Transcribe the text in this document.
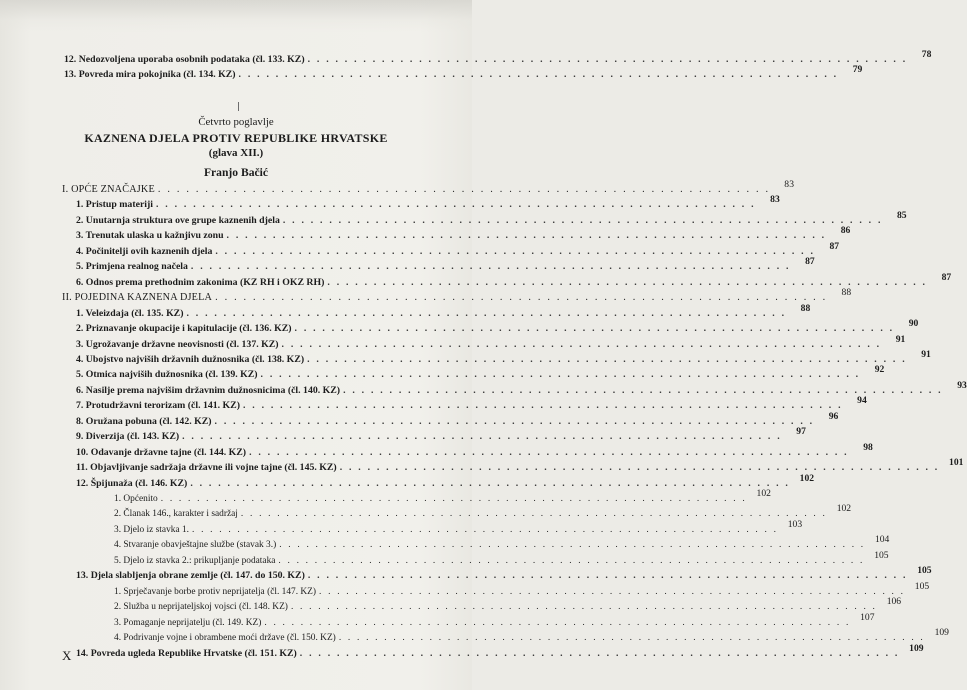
12. Nedozvoljena uporaba osobnih podataka (čl. 133. KZ) . . . . . . . . . . . . . . . . . . . . . . . . . . . . . . . . . . . . . . . . . . . . . . . . . . . . . . . . . . . . . . . . .	78
13. Povreda mira pokojnika (čl. 134. KZ) . . . . . . . . . . . . . . . . . . . . . . . . . . . . . . . . . . . . . . . . . . . . . . . . . . . . . . . . . . . . . . . . .	79
Četvrto poglavlje
KAZNENA DJELA PROTIV REPUBLIKE HRVATSKE
(glava XII.)
Franjo Bačić
I. OPĆE ZNAČAJKE . . . . . . . . . . . . . . . . . . . . . . . . . . . . . . . . . . . . . . . . . . . . . . . . . . . . . . . . . . . . . . . . .	83
1. Pristup materiji . . . . . . . . . . . . . . . . . . . . . . . . . . . . . . . . . . . . . . . . . . . . . . . . . . . . . . . . . . . . . . . . .	83
2. Unutarnja struktura ove grupe kaznenih djela . . . . . . . . . . . . . . . . . . . . . . . . . . . . . . . . . . . . . . . . . . . . . . . . . . . . . . . . . . . . . . . . .	85
3. Trenutak ulaska u kažnjivu zonu . . . . . . . . . . . . . . . . . . . . . . . . . . . . . . . . . . . . . . . . . . . . . . . . . . . . . . . . . . . . . . . . .	86
4. Počinitelji ovih kaznenih djela . . . . . . . . . . . . . . . . . . . . . . . . . . . . . . . . . . . . . . . . . . . . . . . . . . . . . . . . . . . . . . . . .	87
5. Primjena realnog načela . . . . . . . . . . . . . . . . . . . . . . . . . . . . . . . . . . . . . . . . . . . . . . . . . . . . . . . . . . . . . . . . .	87
6. Odnos prema prethodnim zakonima (KZ RH i OKZ RH) . . . . . . . . . . . . . . . . . . . . . . . . . . . . . . . . . . . . . . . . . . . . . . . . . . . . . . . . . . . . . . . . .	87
II. POJEDINA KAZNENA DJELA . . . . . . . . . . . . . . . . . . . . . . . . . . . . . . . . . . . . . . . . . . . . . . . . . . . . . . . . . . . . . . . . .	88
1. Veleizdaja (čl. 135. KZ) . . . . . . . . . . . . . . . . . . . . . . . . . . . . . . . . . . . . . . . . . . . . . . . . . . . . . . . . . . . . . . . . .	88
2. Priznavanje okupacije i kapitulacije (čl. 136. KZ) . . . . . . . . . . . . . . . . . . . . . . . . . . . . . . . . . . . . . . . . . . . . . . . . . . . . . . . . . . . . . . . . .	90
3. Ugrožavanje državne neovisnosti (čl. 137. KZ) . . . . . . . . . . . . . . . . . . . . . . . . . . . . . . . . . . . . . . . . . . . . . . . . . . . . . . . . . . . . . . . . .	91
4. Ubojstvo najviših državnih dužnosnika (čl. 138. KZ) . . . . . . . . . . . . . . . . . . . . . . . . . . . . . . . . . . . . . . . . . . . . . . . . . . . . . . . . . . . . . . . . .	91
5. Otmica najviših dužnosnika (čl. 139. KZ) . . . . . . . . . . . . . . . . . . . . . . . . . . . . . . . . . . . . . . . . . . . . . . . . . . . . . . . . . . . . . . . . .	92
6. Nasilje prema najvišim državnim dužnosnicima (čl. 140. KZ) . . . . . . . . . . . . . . . . . . . . . . . . . . . . . . . . . . . . . . . . . . . . . . . . . . . . . . . . . . . . . . . . .	93
7. Protudržavni terorizam (čl. 141. KZ) . . . . . . . . . . . . . . . . . . . . . . . . . . . . . . . . . . . . . . . . . . . . . . . . . . . . . . . . . . . . . . . . .	94
8. Oružana pobuna (čl. 142. KZ) . . . . . . . . . . . . . . . . . . . . . . . . . . . . . . . . . . . . . . . . . . . . . . . . . . . . . . . . . . . . . . . . .	96
9. Diverzija (čl. 143. KZ) . . . . . . . . . . . . . . . . . . . . . . . . . . . . . . . . . . . . . . . . . . . . . . . . . . . . . . . . . . . . . . . . .	97
10. Odavanje državne tajne (čl. 144. KZ) . . . . . . . . . . . . . . . . . . . . . . . . . . . . . . . . . . . . . . . . . . . . . . . . . . . . . . . . . . . . . . . . .	98
11. Objavljivanje sadržaja državne ili vojne tajne (čl. 145. KZ) . . . . . . . . . . . . . . . . . . . . . . . . . . . . . . . . . . . . . . . . . . . . . . . . . . . . . . . . . . . . . . . . .	101
12. Špijunaža (čl. 146. KZ) . . . . . . . . . . . . . . . . . . . . . . . . . . . . . . . . . . . . . . . . . . . . . . . . . . . . . . . . . . . . . . . . .	102
1. Općenito . . . . . . . . . . . . . . . . . . . . . . . . . . . . . . . . . . . . . . . . . . . . . . . . . . . . . . . . . . . . . . . . .	102
2. Članak 146., karakter i sadržaj . . . . . . . . . . . . . . . . . . . . . . . . . . . . . . . . . . . . . . . . . . . . . . . . . . . . . . . . . . . . . . . . .	102
3. Djelo iz stavka 1. . . . . . . . . . . . . . . . . . . . . . . . . . . . . . . . . . . . . . . . . . . . . . . . . . . . . . . . . . . . . . . . . .	103
4. Stvaranje obavještajne službe (stavak 3.) . . . . . . . . . . . . . . . . . . . . . . . . . . . . . . . . . . . . . . . . . . . . . . . . . . . . . . . . . . . . . . . . .	104
5. Djelo iz stavka 2.: prikupljanje podataka . . . . . . . . . . . . . . . . . . . . . . . . . . . . . . . . . . . . . . . . . . . . . . . . . . . . . . . . . . . . . . . . .	105
13. Djela slabljenja obrane zemlje (čl. 147. do 150. KZ) . . . . . . . . . . . . . . . . . . . . . . . . . . . . . . . . . . . . . . . . . . . . . . . . . . . . . . . . . . . . . . . . .	105
1. Sprječavanje borbe protiv neprijatelja (čl. 147. KZ) . . . . . . . . . . . . . . . . . . . . . . . . . . . . . . . . . . . . . . . . . . . . . . . . . . . . . . . . . . . . . . . . .	105
2. Služba u neprijateljskoj vojsci (čl. 148. KZ) . . . . . . . . . . . . . . . . . . . . . . . . . . . . . . . . . . . . . . . . . . . . . . . . . . . . . . . . . . . . . . . . .	106
3. Pomaganje neprijatelju (čl. 149. KZ) . . . . . . . . . . . . . . . . . . . . . . . . . . . . . . . . . . . . . . . . . . . . . . . . . . . . . . . . . . . . . . . . .	107
4. Podrivanje vojne i obrambene moći države (čl. 150. KZ) . . . . . . . . . . . . . . . . . . . . . . . . . . . . . . . . . . . . . . . . . . . . . . . . . . . . . . . . . . . . . . . . .	109
14. Povreda ugleda Republike Hrvatske (čl. 151. KZ) . . . . . . . . . . . . . . . . . . . . . . . . . . . . . . . . . . . . . . . . . . . . . . . . . . . . . . . . . . . . . . . . .	109
X
